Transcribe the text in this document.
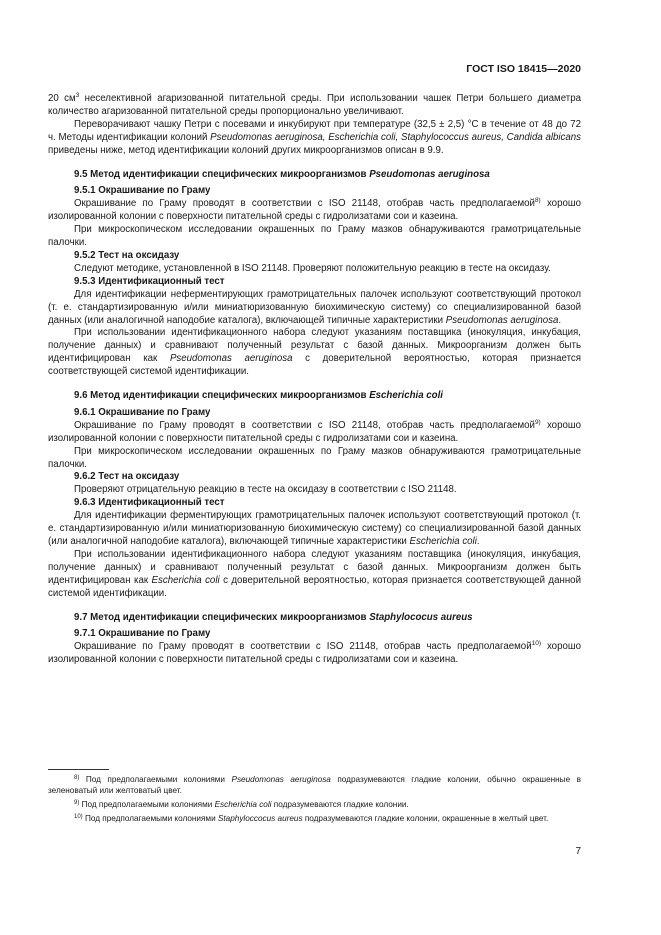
ГОСТ ISO 18415—2020

20 $см^3$ неселективной агаризованной питательной среды. При использовании чашек Петри большего диаметра количество агаризованной питательной среды пропорционально увеличивают.

Переворачивают чашку Петри с посевами и инкубируют при температуре (32,5 ± 2,5) °C в течение от 48 до 72 ч. Методы идентификации колоний Pseudomonas aeruginosa, Escherichia coli, Staphylococcus aureus, Candida albicans приведены ниже, метод идентификации колоний других микроорганизмов описан в 9.9.

9.5 Метод идентификации специфических микроорганизмов Pseudomonas aeruginosa

9.5.1 Окрашивание по Граму

Окрашивание по Граму проводят в соответствии с ISO 21148, отобрав часть предполагаемой$^{8)}$ хорошо изолированной колонии с поверхности питательной среды с гидролизатами сои и казеина.

При микроскопическом исследовании окрашенных по Граму мазков обнаруживаются грамотрицательные палочки.

9.5.2 Тест на оксидазу

Следуют методике, установленной в ISO 21148. Проверяют положительную реакцию в тесте на оксидазу.

9.5.3 Идентификационный тест

Для идентификации неферментирующих грамотрицательных палочек используют соответствующий протокол (т. е. стандартизированную и/или миниатюризованную биохимическую систему) со специализированной базой данных (или аналогичной наподобие каталога), включающей типичные характеристики Pseudomonas aeruginosa.

При использовании идентификационного набора следуют указаниям поставщика (инокуляция, инкубация, получение данных) и сравнивают полученный результат с базой данных. Микроорганизм должен быть идентифицирован как Pseudomonas aeruginosa с доверительной вероятностью, которая признается соответствующей системой идентификации.

9.6 Метод идентификации специфических микроорганизмов Escherichia coli

9.6.1 Окрашивание по Граму

Окрашивание по Граму проводят в соответствии с ISO 21148, отобрав часть предполагаемой$^{9)}$ хорошо изолированной колонии с поверхности питательной среды с гидролизатами сои и казеина.

При микроскопическом исследовании окрашенных по Граму мазков обнаруживаются грамотрицательные палочки.

9.6.2 Тест на оксидазу

Проверяют отрицательную реакцию в тесте на оксидазу в соответствии с ISO 21148.

9.6.3 Идентификационный тест

Для идентификации ферментирующих грамотрицательных палочек используют соответствующий протокол (т. е. стандартизированную и/или миниатюризованную биохимическую систему) со специализированной базой данных (или аналогичной наподобие каталога), включающей типичные характеристики Escherichia coli.

При использовании идентификационного набора следуют указаниям поставщика (инокуляция, инкубация, получение данных) и сравнивают полученный результат с базой данных. Микроорганизм должен быть идентифицирован как Escherichia coli с доверительной вероятностью, которая признается соответствующей данной системой идентификации.

9.7 Метод идентификации специфических микроорганизмов Staphylococus aureus

9.7.1 Окрашивание по Граму

Окрашивание по Граму проводят в соответствии с ISO 21148, отобрав часть предполагаемой$^{10)}$ хорошо изолированной колонии с поверхности питательной среды с гидролизатами сои и казеина.

$^{8)}$ Под предполагаемыми колониями Pseudomonas aeruginosa подразумеваются гладкие колонии, обычно окрашенные в зеленоватый или желтоватый цвет.

$^{9)}$ Под предполагаемыми колониями Escherichia coli подразумеваются гладкие колонии.

$^{10)}$ Под предполагаемыми колониями Staphyloccocus aureus подразумеваются гладкие колонии, окрашенные в желтый цвет.

7
